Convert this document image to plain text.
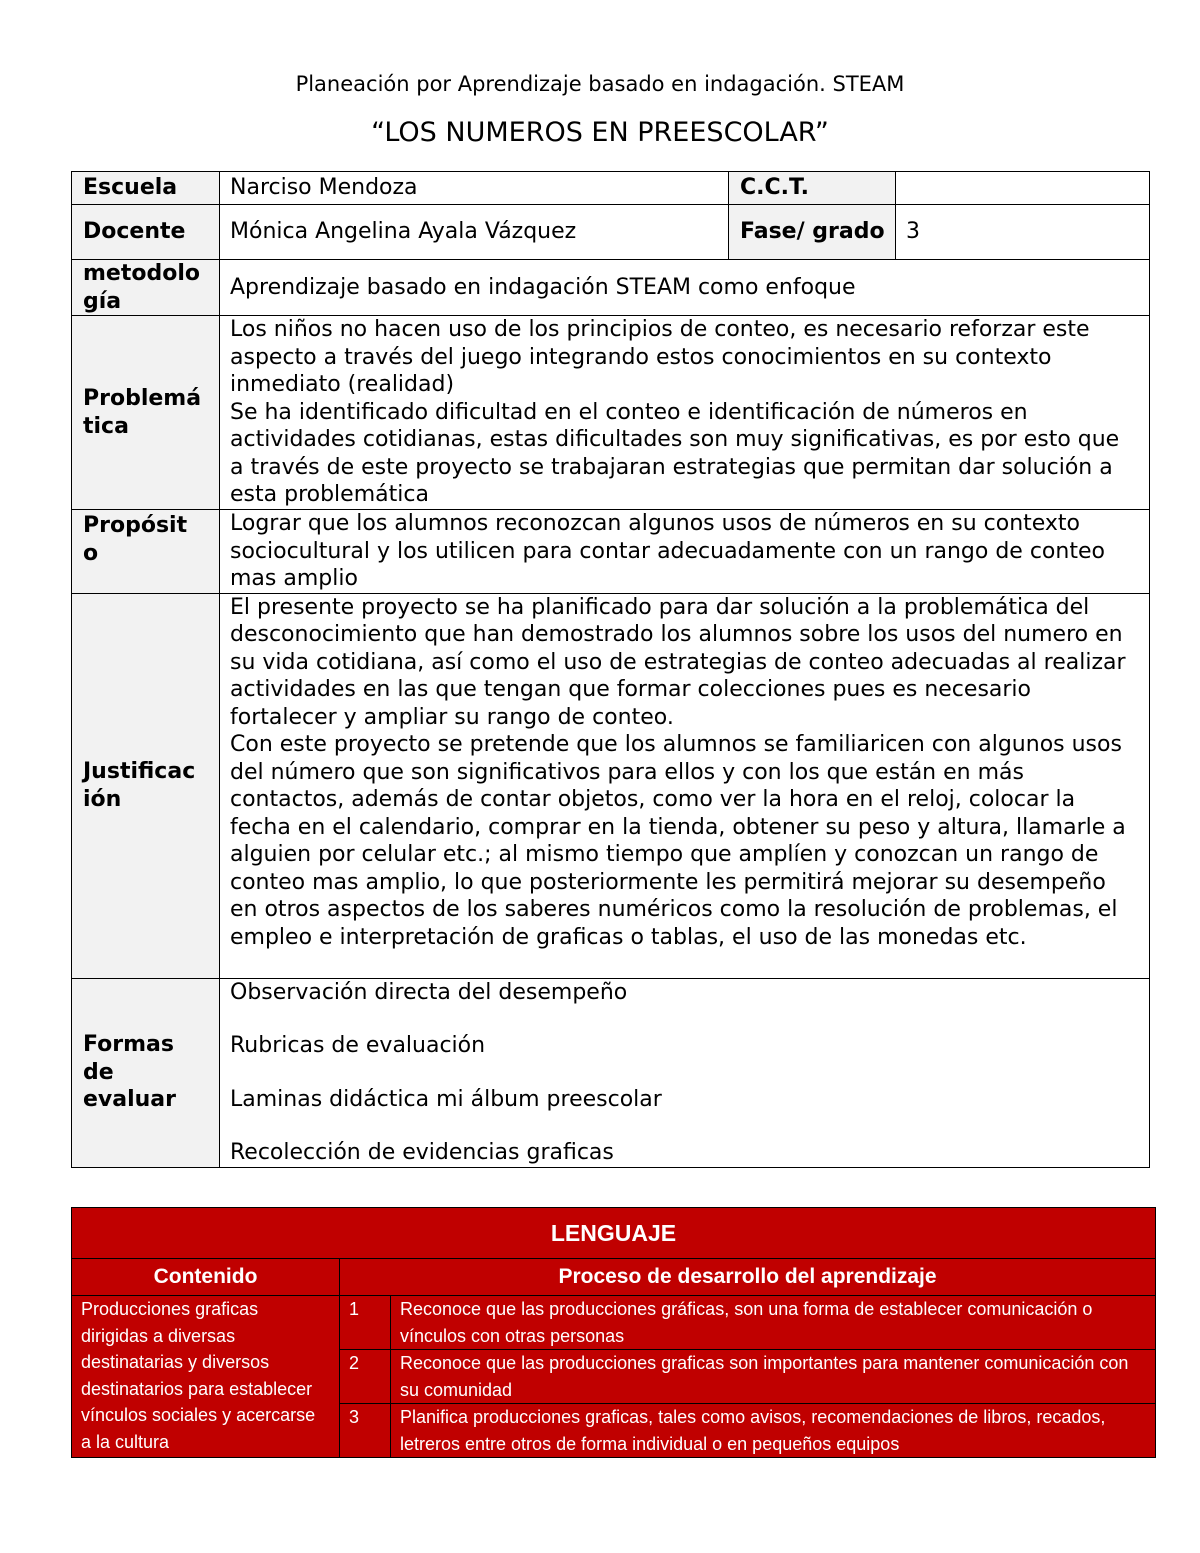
Planeación por Aprendizaje basado en indagación. STEAM
“LOS NUMEROS EN PREESCOLAR”
Escuela	Narciso Mendoza	C.C.T.	
Docente	Mónica Angelina Ayala Vázquez	Fase/ grado	3
metodolo gía	Aprendizaje basado en indagación STEAM como enfoque		
Problemá tica	Los niños no hacen uso de los principios de conteo, es necesario reforzar este aspecto a través del juego integrando estos conocimientos en su contexto inmediato (realidad)
Se ha identificado dificultad en el conteo e identificación de números en actividades cotidianas, estas dificultades son muy significativas, es por esto que a través de este proyecto se trabajaran estrategias que permitan dar solución a esta problemática		

Propósit o	Lograr que los alumnos reconozcan algunos usos de números en su contexto sociocultural y los utilicen para contar adecuadamente con un rango de conteo mas amplio		
Justificac ión	El presente proyecto se ha planificado para dar solución a la problemática del desconocimiento que han demostrado los alumnos sobre los usos del numero en su vida cotidiana, así como el uso de estrategias de conteo adecuadas al realizar actividades en las que tengan que formar colecciones pues es necesario fortalecer y ampliar su rango de conteo.
Con este proyecto se pretende que los alumnos se familiaricen con algunos usos del número que son significativos para ellos y con los que están en más contactos, además de contar objetos, como ver la hora en el reloj, colocar la fecha en el calendario, comprar en la tienda, obtener su peso y altura, llamarle a alguien por celular etc.; al mismo tiempo que amplíen y conozcan un rango de conteo mas amplio, lo que posteriormente les permitirá mejorar su desempeño en otros aspectos de los saberes numéricos como la resolución de problemas, el empleo e interpretación de graficas o tablas, el uso de las monedas etc.		

Formas de evaluar	Observación directa del desempeño
Rubricas de evaluación
Laminas didáctica mi álbum preescolar
Recolección de evidencias graficas		
LENGUAJE		
Contenido	Proceso de desarrollo del aprendizaje	
Producciones graficas dirigidas a diversas destinatarias y diversos destinatarios para establecer vínculos sociales y acercarse a la cultura	1	Reconoce que las producciones gráficas, son una forma de establecer comunicación o vínculos con otras personas
	2	Reconoce que las producciones graficas son importantes para mantener comunicación con su comunidad
	3	Planifica producciones graficas, tales como avisos, recomendaciones de libros, recados, letreros entre otros de forma individual o en pequeños equipos
